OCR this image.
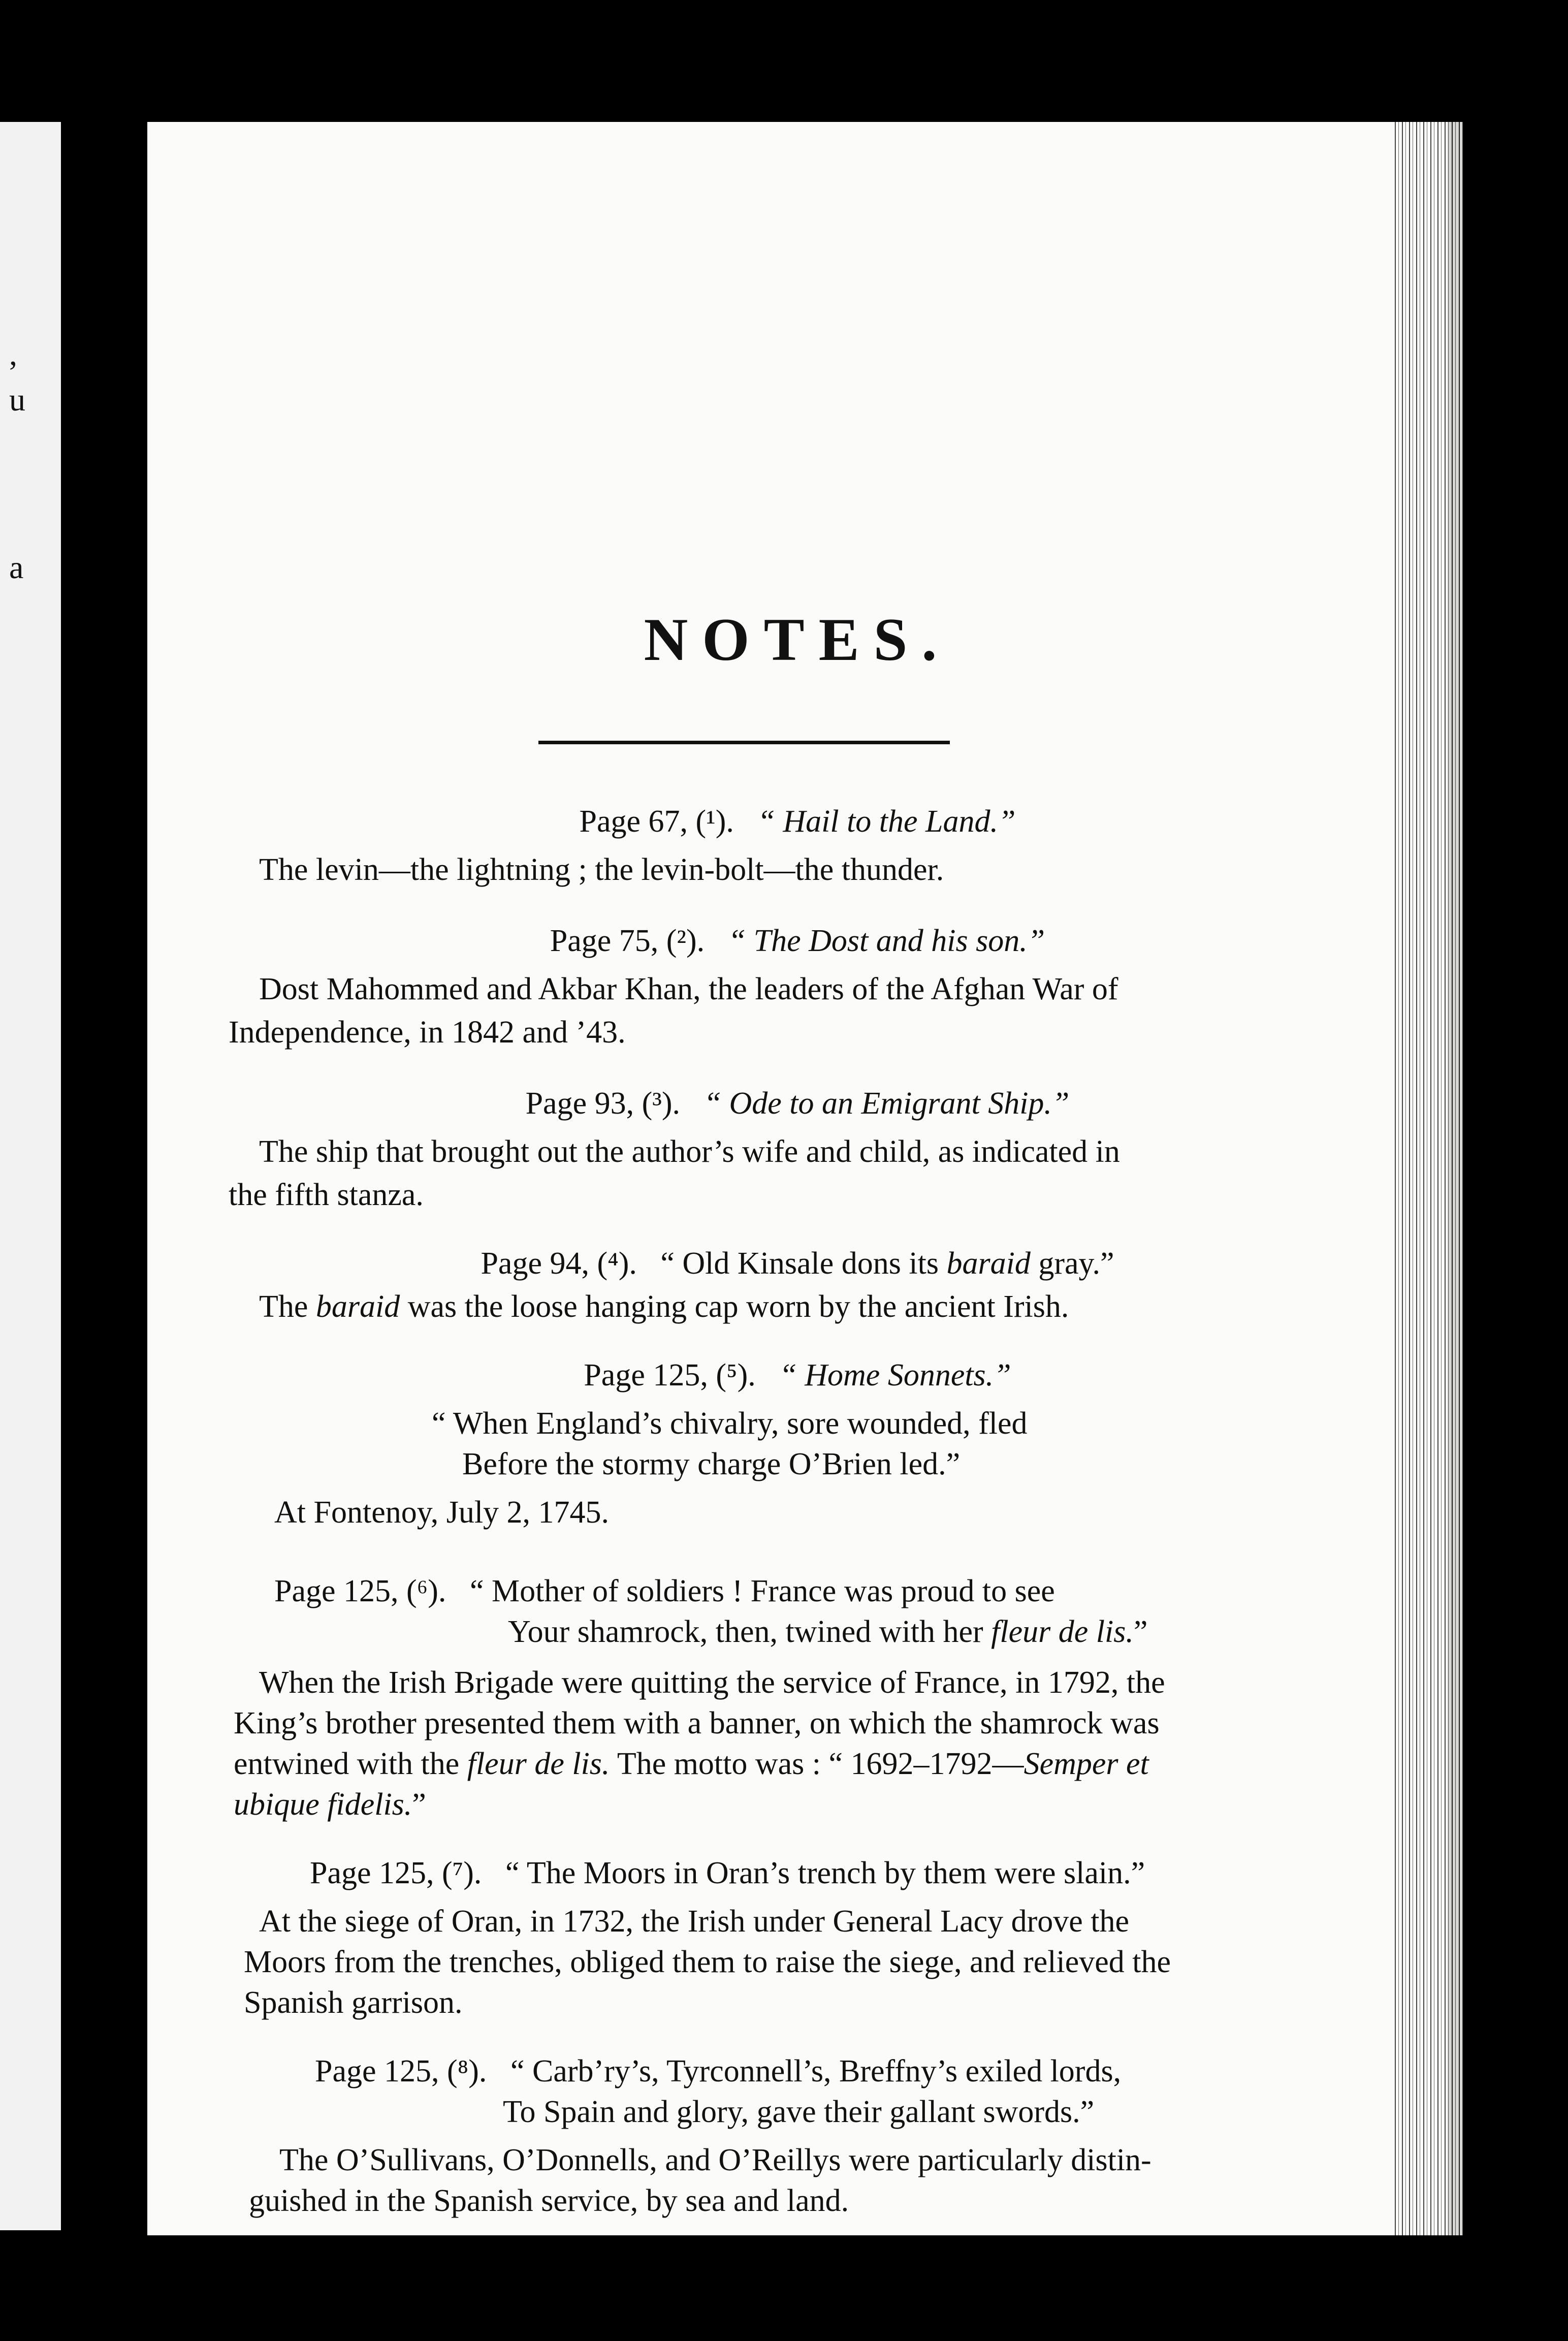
,
u
a
NOTES.

Page 67, (¹). “ Hail to the Land.”

The levin—the lightning ; the levin-bolt—the thunder.

Page 75, (²). “ The Dost and his son.”

Dost Mahommed and Akbar Khan, the leaders of the Afghan War of

Independence, in 1842 and ’43.

Page 93, (³). “ Ode to an Emigrant Ship.”

The ship that brought out the author’s wife and child, as indicated in

the fifth stanza.

Page 94, (⁴). “ Old Kinsale dons its baraid gray.”

The baraid was the loose hanging cap worn by the ancient Irish.

Page 125, (⁵). “ Home Sonnets.”

“ When England’s chivalry, sore wounded, fled

Before the stormy charge O’Brien led.”

At Fontenoy, July 2, 1745.

Page 125, (⁶). “ Mother of soldiers ! France was proud to see

Your shamrock, then, twined with her fleur de lis.”

When the Irish Brigade were quitting the service of France, in 1792, the

King’s brother presented them with a banner, on which the shamrock was

entwined with the fleur de lis. The motto was : “ 1692–1792—Semper et

ubique fidelis.”

Page 125, (⁷). “ The Moors in Oran’s trench by them were slain.”

At the siege of Oran, in 1732, the Irish under General Lacy drove the

Moors from the trenches, obliged them to raise the siege, and relieved the

Spanish garrison.

Page 125, (⁸). “ Carb’ry’s, Tyrconnell’s, Breffny’s exiled lords,

To Spain and glory, gave their gallant swords.”

The O’Sullivans, O’Donnells, and O’Reillys were particularly distin-

guished in the Spanish service, by sea and land.
